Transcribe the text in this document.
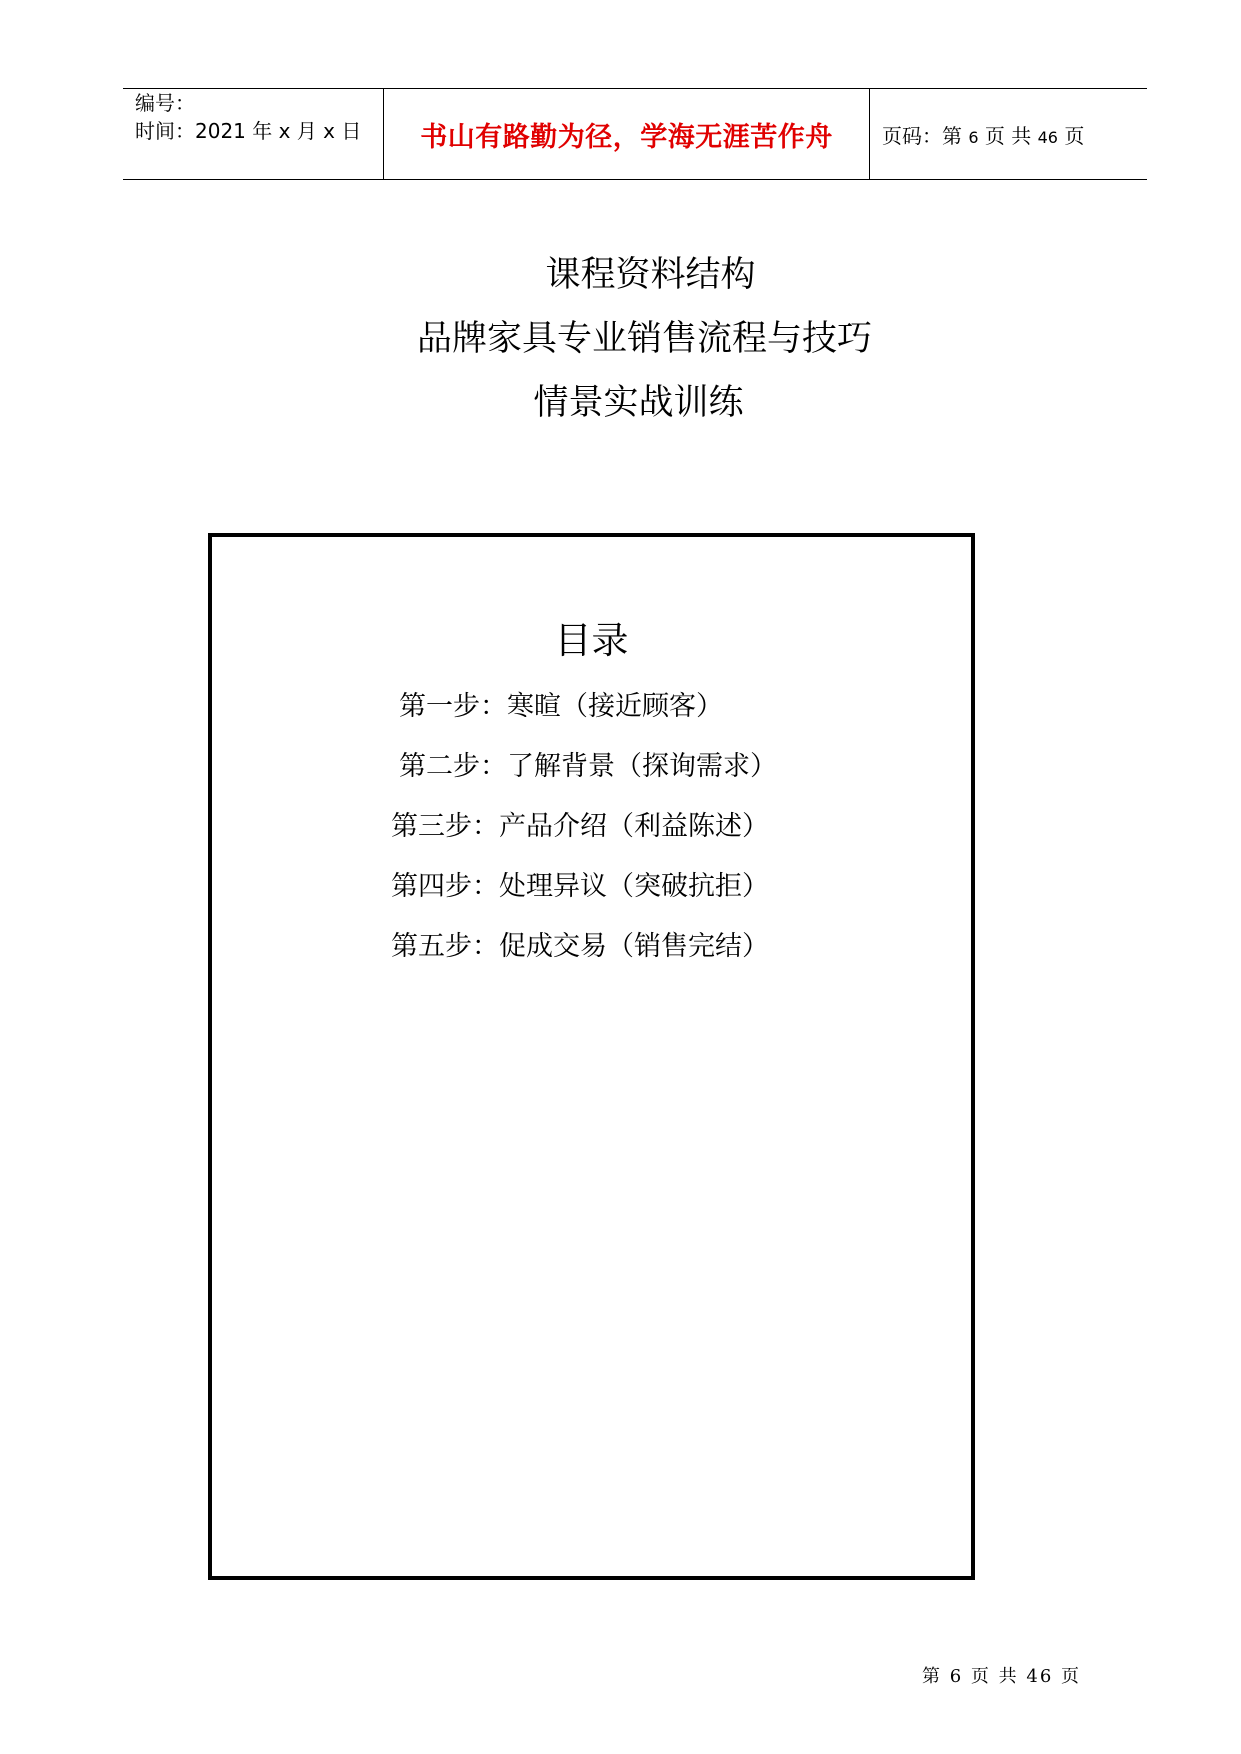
编号：
时间：2021 年 x 月 x 日 书山有路勤为径，学海无涯苦作舟 页码：第 6 页 共 46 页
课程资料结构
品牌家具专业销售流程与技巧
情景实战训练
目录
第一步：寒暄（接近顾客）
第二步：了解背景（探询需求）
第三步：产品介绍（利益陈述）
第四步：处理异议（突破抗拒）
第五步：促成交易（销售完结）
第 6 页 共 46 页
